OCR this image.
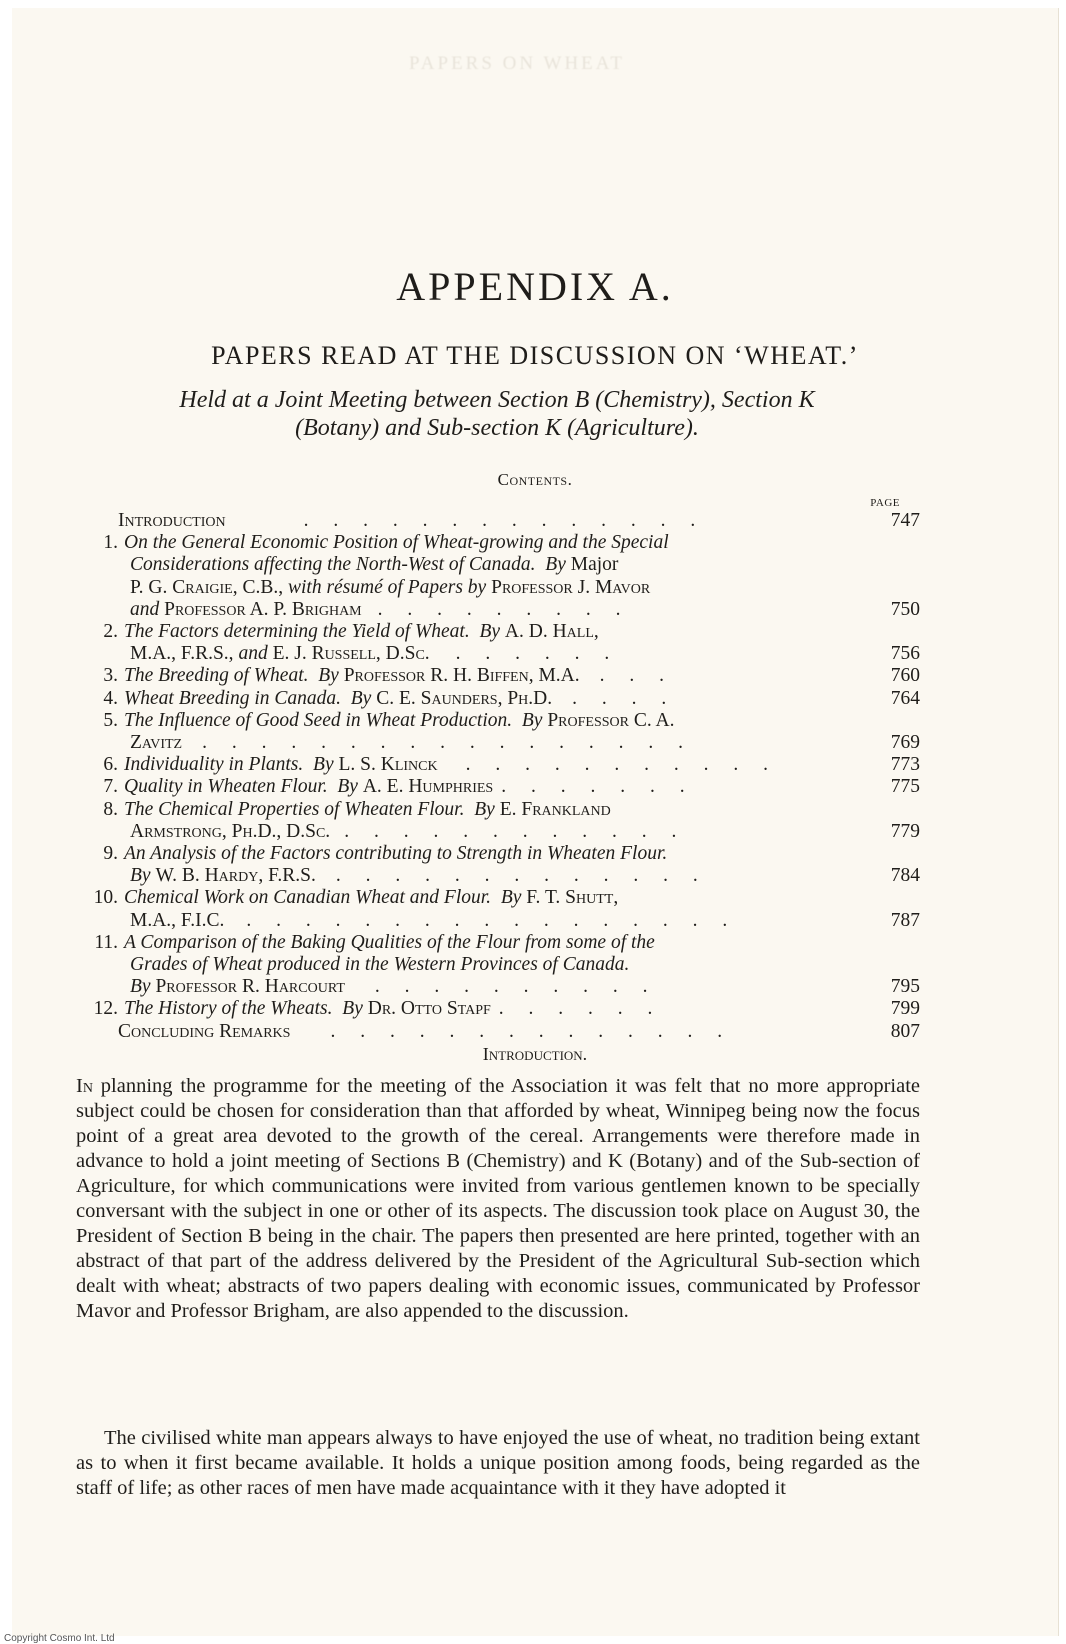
PAPERS ON WHEAT
APPENDIX A.
PAPERS READ AT THE DISCUSSION ON ‘WHEAT.’
Held at a Joint Meeting between Section B (Chemistry), Section K
(Botany) and Sub-section K (Agriculture).
Contents.
PAGE
Introduction	. . . . . . . . . . . . . .	747
1. On the General Economic Position of Wheat-growing and the Special
Considerations affecting the North-West of Canada.
By
Major
P. G. Craigie, C.B.,
with résumé of Papers by
Professor J. Mavor
and
Professor A. P. Brigham . . . . . . . . .	750
2. The Factors determining the Yield of Wheat. By A. D. Hall,
M.A., F.R.S.,
and
E. J. Russell, D.Sc. . . . . . .	756
3. The Breeding of Wheat. By Professor R. H. Biffen, M.A. . . .	760
4. Wheat Breeding in Canada. By C. E. Saunders, Ph.D. . . . .	764
5. The Influence of Good Seed in Wheat Production. By Professor C. A.
Zavitz . . . . . . . . . . . . . . . . .	769
6. Individuality in Plants. By L. S. Klinck . . . . . . . . . . .	773
7. Quality in Wheaten Flour. By A. E. Humphries . . . . . . .	775
8. The Chemical Properties of Wheaten Flour. By E. Frankland
Armstrong, Ph.D., D.Sc. . . . . . . . . . . . .	779
9. An Analysis of the Factors contributing to Strength in Wheaten Flour.
By
W. B. Hardy, F.R.S. . . . . . . . . . . . . .	784
10. Chemical Work on Canadian Wheat and Flour. By F. T. Shutt,
M.A., F.I.C. . . . . . . . . . . . . . . . . .	787
11. A Comparison of the Baking Qualities of the Flour from some of the
Grades of Wheat produced in the Western Provinces of Canada.
By
Professor R. Harcourt . . . . . . . . . .	795
12. The History of the Wheats. By Dr. Otto Stapf . . . . . .	799
Concluding Remarks . . . . . . . . . . . . . .	807
Introduction.
In planning the programme for the meeting of the Association it was felt that no more appropriate subject could be chosen for consideration than that afforded by wheat, Winnipeg being now the focus point of a great area devoted to the growth of the cereal. Arrangements were therefore made in advance to hold a joint meeting of Sections B (Chemistry) and K (Botany) and of the Sub-section of Agriculture, for which communications were invited from various gentlemen known to be specially conversant with the subject in one or other of its aspects. The discussion took place on August 30, the President of Section B being in the chair. The papers then presented are here printed, together with an abstract of that part of the address delivered by the President of the Agricultural Sub-section which dealt with wheat; abstracts of two papers dealing with economic issues, communicated by Professor Mavor and Professor Brigham, are also appended to the discussion.
The civilised white man appears always to have enjoyed the use of wheat, no tradition being extant as to when it first became available. It holds a unique position among foods, being regarded as the staff of life; as other races of men have made acquaintance with it they have adopted it
Copyright Cosmo Int. Ltd
